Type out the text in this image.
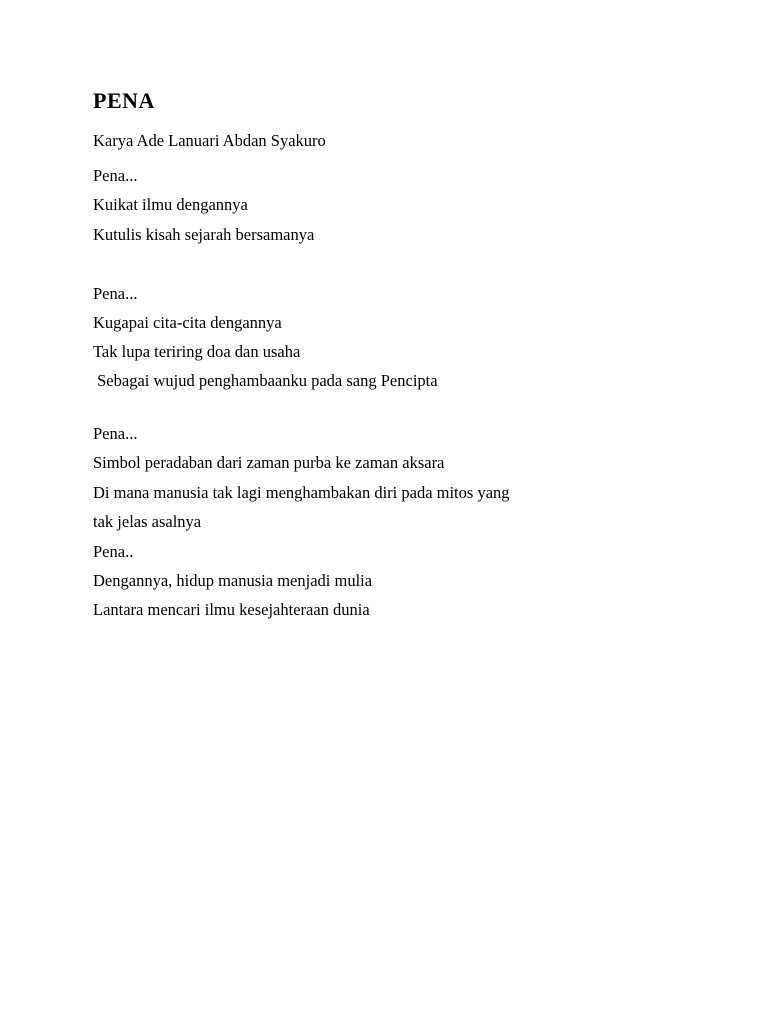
PENA

Karya Ade Lanuari Abdan Syakuro

Pena...

Kuikat ilmu dengannya

Kutulis kisah sejarah bersamanya

Pena...

Kugapai cita-cita dengannya

Tak lupa teriring doa dan usaha

Sebagai wujud penghambaanku pada sang Pencipta

Pena...

Simbol peradaban dari zaman purba ke zaman aksara

Di mana manusia tak lagi menghambakan diri pada mitos yang

tak jelas asalnya

Pena..

Dengannya, hidup manusia menjadi mulia

Lantara mencari ilmu kesejahteraan dunia
